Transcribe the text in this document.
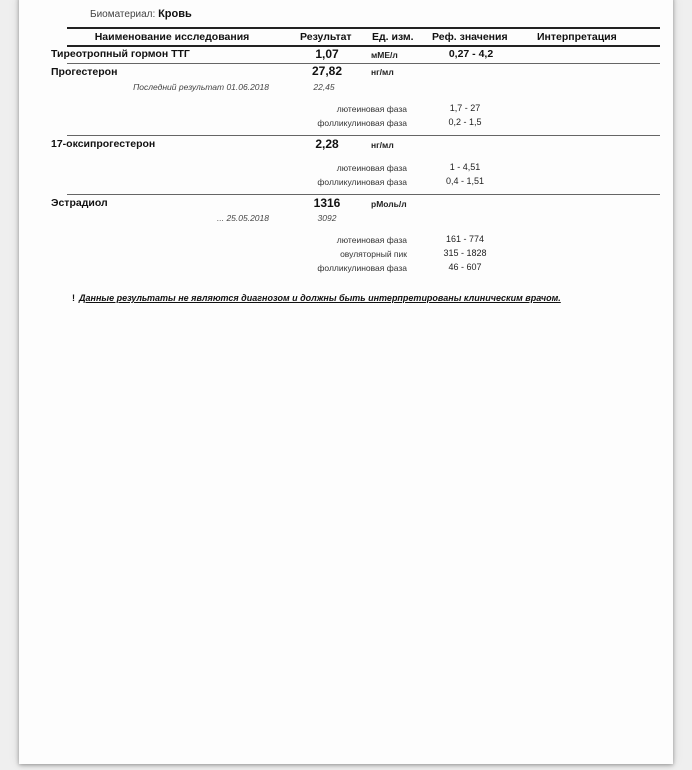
Биоматериал: Кровь
Наименование исследования	Результат Ед. изм. Реф. значения	Интерпретация
Тиреотропный гормон ТТГ	1,07	мME/л	0,27 - 4,2
Прогестерон	27,82	нг/мл
Последний результат 01.06.2018	22,45
лютеиновая фаза	1,7 - 27
фолликулиновая фаза	0,2 - 1,5
17-оксипрогестерон	2,28	нг/мл
лютеиновая фаза	1 - 4,51
фолликулиновая фаза	0,4 - 1,51
Эстрадиол	1316	pМоль/л
... 25.05.2018	3092
лютеиновая фаза	161 - 774
овуляторный пик	315 - 1828
фолликулиновая фаза	46 - 607
! Данные результаты не являются диагнозом и должны быть интерпретированы клиническим врачом.
